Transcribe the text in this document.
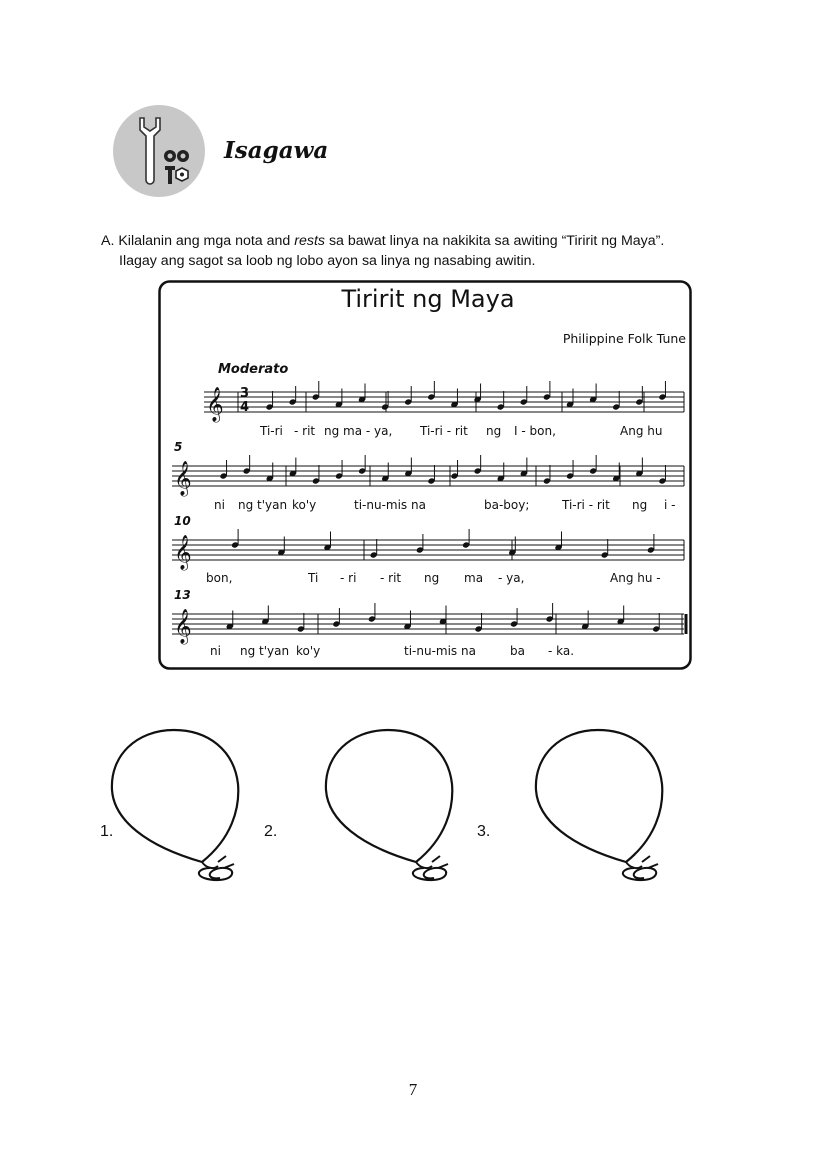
Isagawa

A. Kilalanin ang mga nota and rests sa bawat linya na nakikita sa awiting “Tiririt ng Maya”.
Ilagay ang sagot sa loob ng lobo ayon sa linya ng nasabing awitin.

Tiririt ng Maya
Philippine Folk Tune
Moderato
𝄞
𝄞
𝄞
𝄞
3
4
5
10
13
Ti-ri - rit ng ma - ya, Ti-ri - rit ng I - bon,	Ang hu
ni ng t'yan ko'y	ti-nu-mis na	ba-boy;	Ti-ri - rit ng i -
bon,	Ti - ri - rit ng ma - ya,	Ang hu -
ni ng t'yan ko'y	ti-nu-mis na	ba - ka.
1.	2.	3.
7
